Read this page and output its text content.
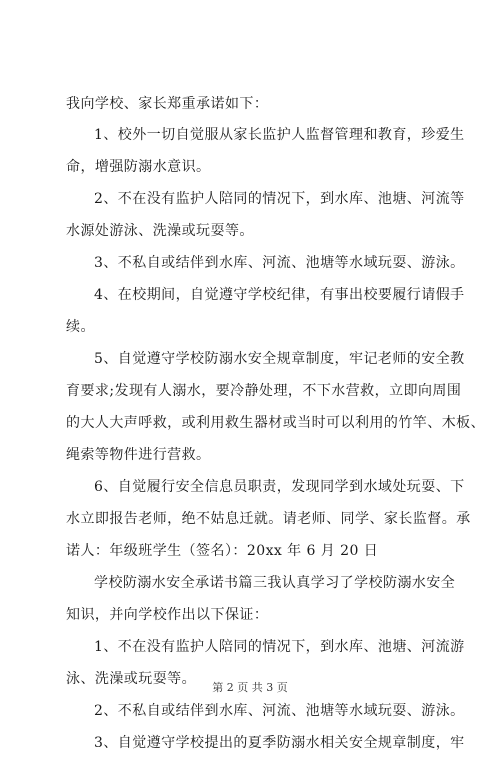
我向学校、家长郑重承诺如下：
1、校外一切自觉服从家长监护人监督管理和教育，珍爱生
命，增强防溺水意识。
2、不在没有监护人陪同的情况下，到水库、池塘、河流等
水源处游泳、洗澡或玩耍等。
3、不私自或结伴到水库、河流、池塘等水域玩耍、游泳。
4、在校期间，自觉遵守学校纪律，有事出校要履行请假手
续。
5、自觉遵守学校防溺水安全规章制度，牢记老师的安全教
育要求;发现有人溺水，要冷静处理，不下水营救，立即向周围
的大人大声呼救，或利用救生器材或当时可以利用的竹竿、木板、
绳索等物件进行营救。
6、自觉履行安全信息员职责，发现同学到水域处玩耍、下
水立即报告老师，绝不姑息迁就。请老师、同学、家长监督。承
诺人：年级班学生（签名）：20xx 年 6 月 20 日
学校防溺水安全承诺书篇三我认真学习了学校防溺水安全
知识，并向学校作出以下保证：
1、不在没有监护人陪同的情况下，到水库、池塘、河流游
泳、洗澡或玩耍等。
2、不私自或结伴到水库、河流、池塘等水域玩耍、游泳。
3、自觉遵守学校提出的夏季防溺水相关安全规章制度，牢
第 2 页 共 3 页
